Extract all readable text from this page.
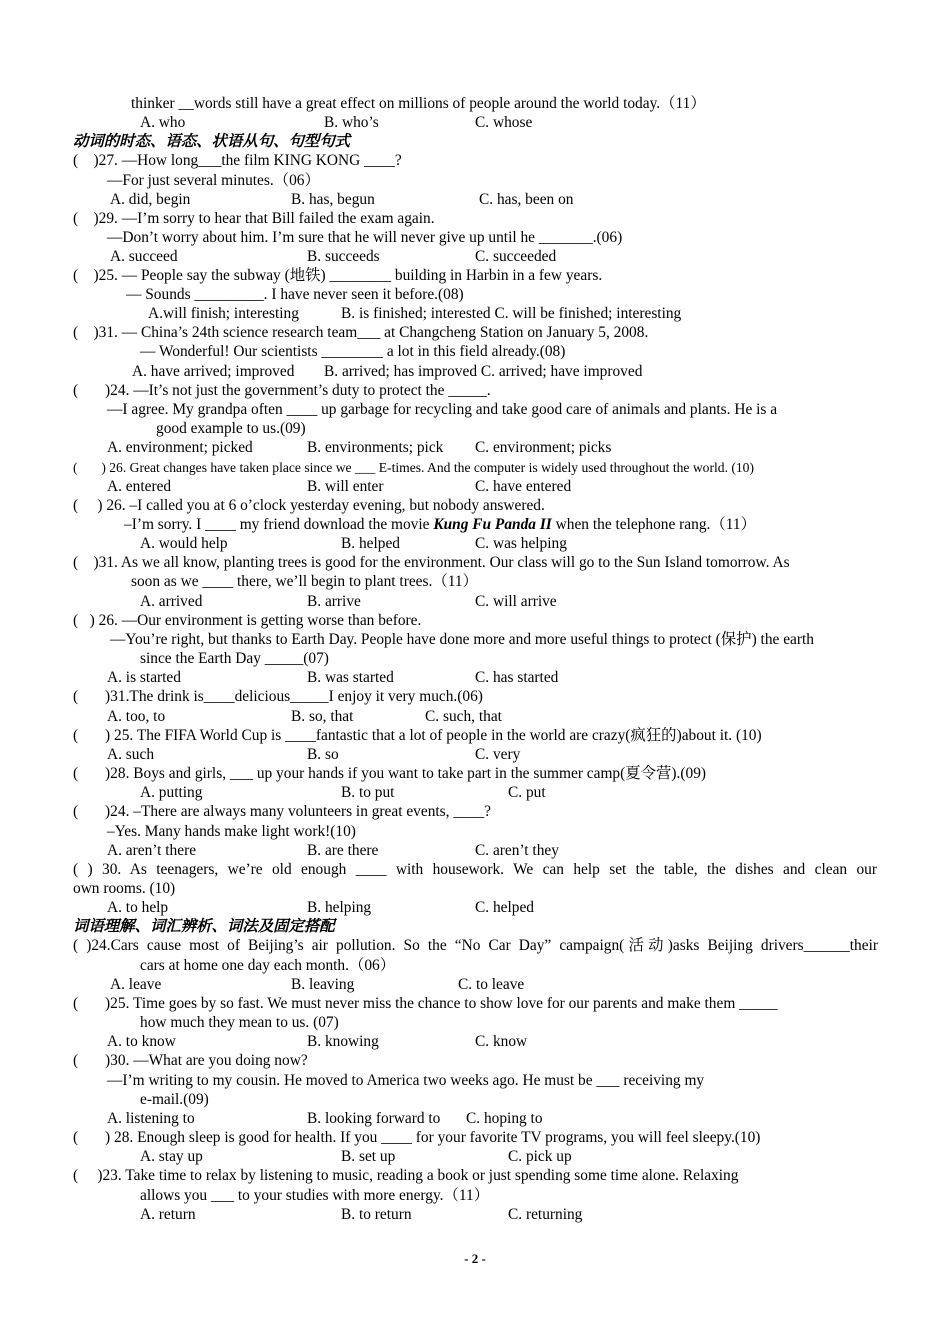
thinker __words still have a great effect on millions of people around the world today.（11）
A. who	B. who’s	C. whose
动词的时态、语态、状语从句、句型句式
(    )27. —How long___the film KING KONG ____?
—For just several minutes.（06）
A. did, begin	B. has, begun	C. has, been on
(    )29. —I’m sorry to hear that Bill failed the exam again.
—Don’t worry about him. I’m sure that he will never give up until he _______.(06)
A. succeed	B. succeeds	C. succeeded
(    )25. — People say the subway (地铁) ________ building in Harbin in a few years.
— Sounds _________. I have never seen it before.(08)
A.will finish; interesting	B. is finished; interested C. will be finished; interesting
(    )31. — China’s 24th science research team___ at Changcheng Station on January 5, 2008.
— Wonderful! Our scientists ________ a lot in this field already.(08)
A. have arrived; improved B. arrived; has improved C. arrived; have improved
(       )24. —It’s not just the government’s duty to protect the _____.
—I agree. My grandpa often ____ up garbage for recycling and take good care of animals and plants. He is a
good example to us.(09)
A. environment; picked	B. environments; pick C. environment; picks
(       ) 26. Great changes have taken place since we ___ E-times. And the computer is widely used throughout the world. (10)
A. entered	B. will enter	C. have entered
(     ) 26. –I called you at 6 o’clock yesterday evening, but nobody answered.
–I’m sorry. I ____ my friend download the movie Kung Fu Panda II when the telephone rang.（11）
A. would help	B. helped	C. was helping
(    )31. As we all know, planting trees is good for the environment. Our class will go to the Sun Island tomorrow. As
soon as we ____ there, we’ll begin to plant trees.（11）
A. arrived	B. arrive	C. will arrive
(   ) 26. —Our environment is getting worse than before.
—You’re right, but thanks to Earth Day. People have done more and more useful things to protect (保护) the earth
since the Earth Day _____(07)
A. is started	B. was started	C. has started
(       )31.The drink is____delicious_____I enjoy it very much.(06)
A. too, to	B. so, that	C. such, that
(       ) 25. The FIFA World Cup is ____fantastic that a lot of people in the world are crazy(疯狂的)about it. (10)
A. such	B. so	C. very
(       )28. Boys and girls, ___ up your hands if you want to take part in the summer camp(夏令营).(09)
A. putting	B. to put	C. put
(       )24. –There are always many volunteers in great events, ____?
–Yes. Many hands make light work!(10)
A. aren’t there	B. are there	C. aren’t they
( ) 30. As teenagers, we’re old enough ____ with housework. We can help set the table, the dishes and clean our
own rooms. (10)
A. to help	B. helping	C. helped
词语理解、词汇辨析、词法及固定搭配
( )24.Cars cause most of Beijing’s air pollution. So the “No Car Day” campaign(活动)asks Beijing drivers______their
cars at home one day each month.（06）
A. leave	B. leaving	C. to leave
(       )25. Time goes by so fast. We must never miss the chance to show love for our parents and make them _____
how much they mean to us. (07)
A. to know	B. knowing	C. know
(       )30. —What are you doing now?
—I’m writing to my cousin. He moved to America two weeks ago. He must be ___ receiving my
e-mail.(09)
A. listening to	B. looking forward to C. hoping to
(       ) 28. Enough sleep is good for health. If you ____ for your favorite TV programs, you will feel sleepy.(10)
A. stay up	B. set up	C. pick up
(     )23. Take time to relax by listening to music, reading a book or just spending some time alone. Relaxing
allows you ___ to your studies with more energy.（11）
A. return	B. to return	C. returning
- 2 -
